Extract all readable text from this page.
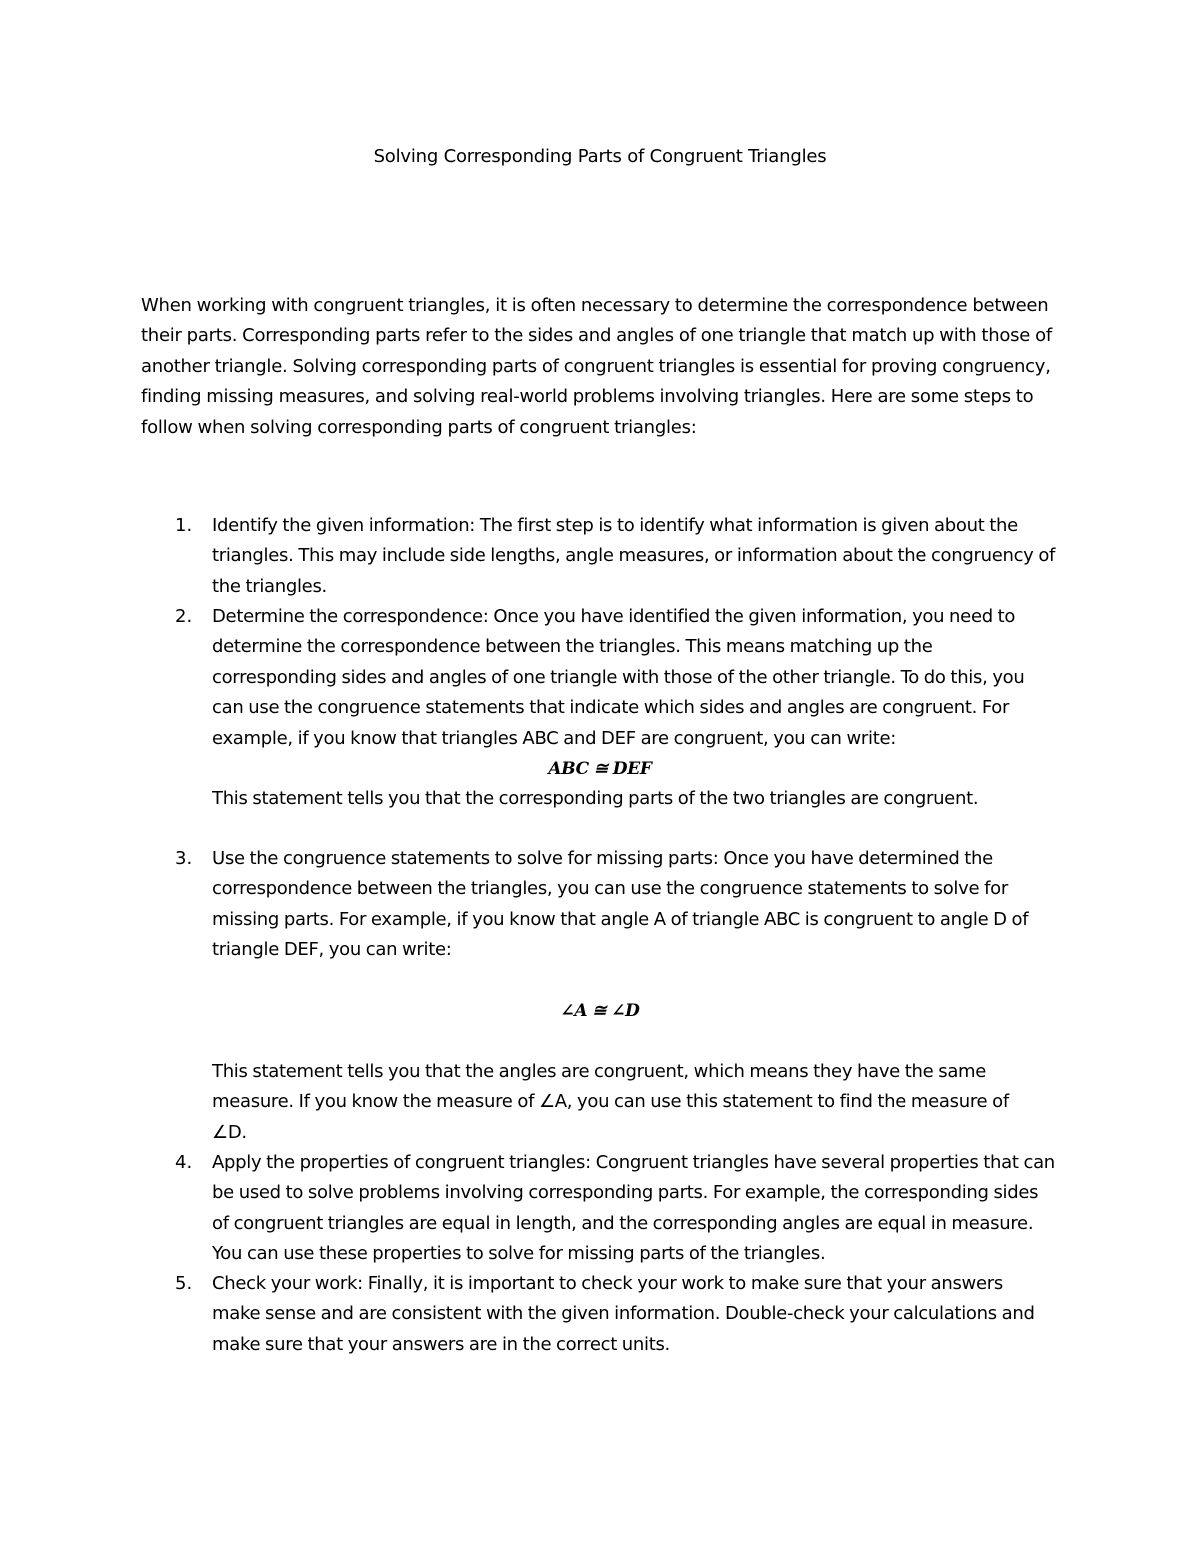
Solving Corresponding Parts of Congruent Triangles
When working with congruent triangles, it is often necessary to determine the correspondence between
their parts. Corresponding parts refer to the sides and angles of one triangle that match up with those of
another triangle. Solving corresponding parts of congruent triangles is essential for proving congruency,
finding missing measures, and solving real-world problems involving triangles. Here are some steps to
follow when solving corresponding parts of congruent triangles:
1.	Identify the given information: The first step is to identify what information is given about the
triangles. This may include side lengths, angle measures, or information about the congruency of
the triangles.
2.	Determine the correspondence: Once you have identified the given information, you need to
determine the correspondence between the triangles. This means matching up the
corresponding sides and angles of one triangle with those of the other triangle. To do this, you
can use the congruence statements that indicate which sides and angles are congruent. For
example, if you know that triangles ABC and DEF are congruent, you can write:
ABC ≅ DEF
This statement tells you that the corresponding parts of the two triangles are congruent.
3.	Use the congruence statements to solve for missing parts: Once you have determined the
correspondence between the triangles, you can use the congruence statements to solve for
missing parts. For example, if you know that angle A of triangle ABC is congruent to angle D of
triangle DEF, you can write:
∠A ≅ ∠D
This statement tells you that the angles are congruent, which means they have the same
measure. If you know the measure of ∠A, you can use this statement to find the measure of
∠D.
4.	Apply the properties of congruent triangles: Congruent triangles have several properties that can
be used to solve problems involving corresponding parts. For example, the corresponding sides
of congruent triangles are equal in length, and the corresponding angles are equal in measure.
You can use these properties to solve for missing parts of the triangles.
5.	Check your work: Finally, it is important to check your work to make sure that your answers
make sense and are consistent with the given information. Double-check your calculations and
make sure that your answers are in the correct units.
